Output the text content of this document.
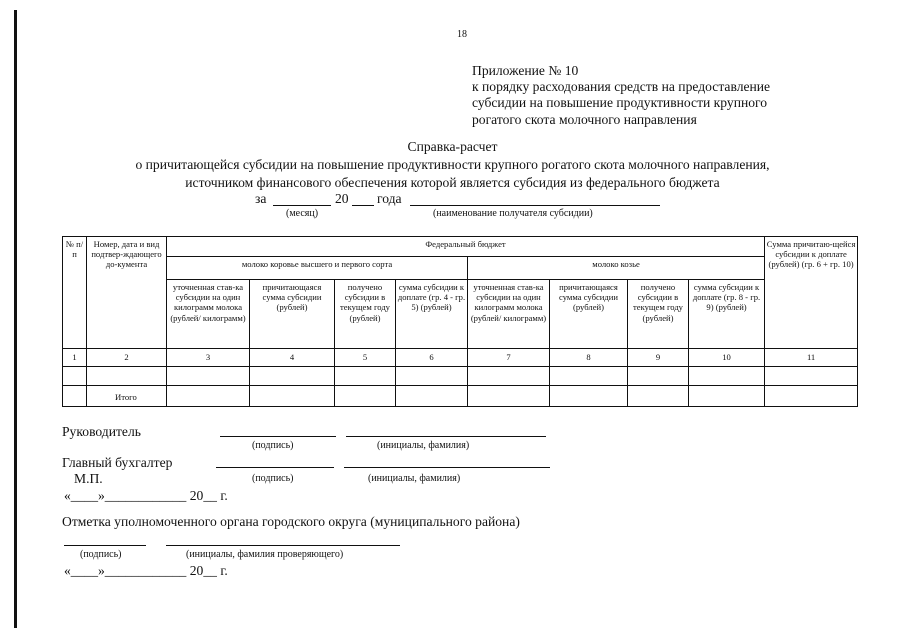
18
Приложение № 10
к порядку расходования средств на предоставление
субсидии на повышение продуктивности крупного
рогатого скота молочного направления
Справка-расчет
о причитающейся субсидии на повышение продуктивности крупного рогатого скота молочного направления,
источником финансового обеспечения которой является субсидия из федерального бюджета
за	20 года
(месяц)	(наименование получателя субсидии)
№ п/п	Номер, дата и вид подтвер-ждающего до-кумента	Федеральный бюджет								Сумма причитаю-щейся субсидии к доплате (рублей) (гр. 6 + гр. 10)
		молоко коровье высшего и первого сорта				молоко козье				
		уточненная став-ка субсидии на один килограмм молока (рублей/ килограмм)	причитающаяся сумма субсидии (рублей)	получено субсидии в текущем году (рублей)	сумма субсидии к доплате (гр. 4 - гр. 5) (рублей)	уточненная став-ка субсидии на один килограмм молока (рублей/ килограмм)	причитающаяся сумма субсидии (рублей)	получено субсидии в текущем году (рублей)	сумма субсидии к доплате (гр. 8 - гр. 9) (рублей)	
1	2	3	4	5	6	7	8	9	10	11

	Итого									
Руководитель
(подпись)	(инициалы, фамилия)
Главный бухгалтер
М.П.	(подпись)	(инициалы, фамилия)
«____»____________ 20__ г.
Отметка уполномоченного органа городского округа (муниципального района)
(подпись)	(инициалы, фамилия проверяющего)
«____»____________ 20__ г.
